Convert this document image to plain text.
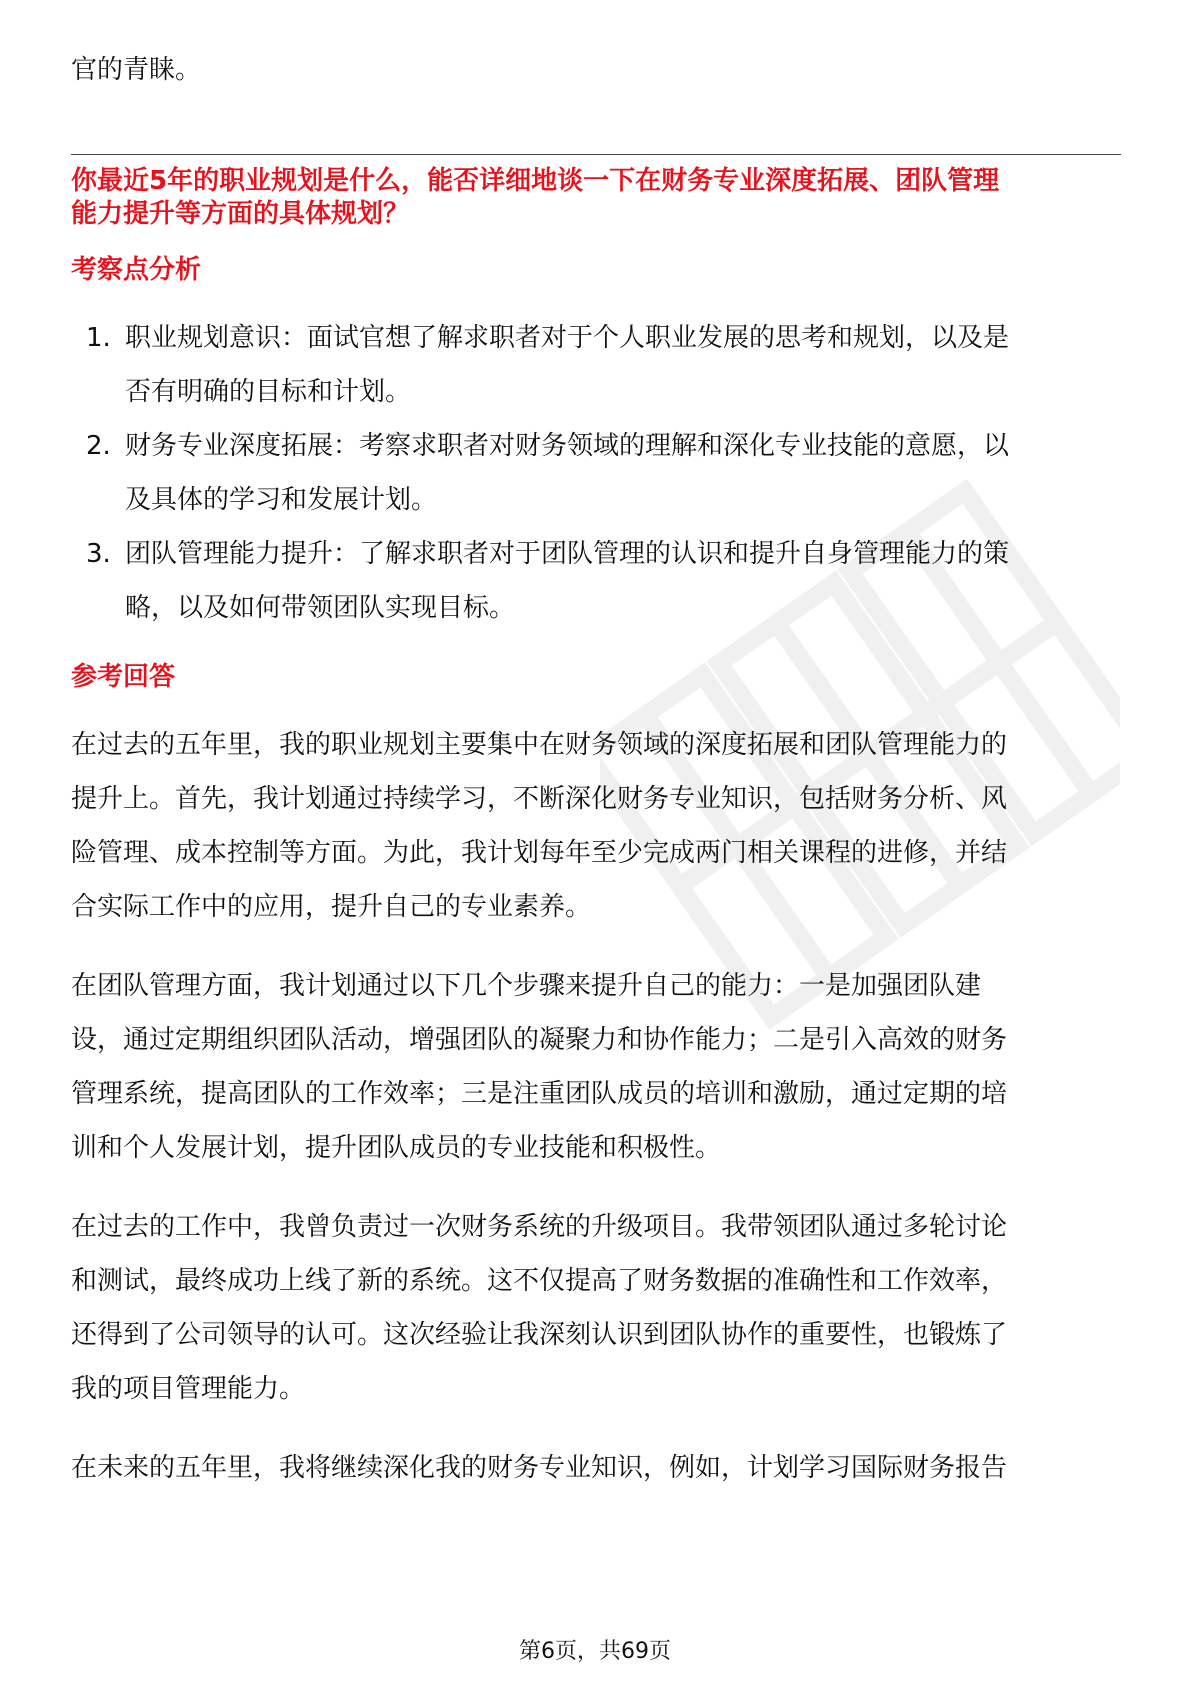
官的青睐。
你最近5年的职业规划是什么，能否详细地谈一下在财务专业深度拓展、团队管理
能力提升等方面的具体规划？
考察点分析
1. 职业规划意识：面试官想了解求职者对于个人职业发展的思考和规划，以及是
否有明确的目标和计划。
2. 财务专业深度拓展：考察求职者对财务领域的理解和深化专业技能的意愿，以
及具体的学习和发展计划。
3. 团队管理能力提升：了解求职者对于团队管理的认识和提升自身管理能力的策
略，以及如何带领团队实现目标。
参考回答
在过去的五年里，我的职业规划主要集中在财务领域的深度拓展和团队管理能力的
提升上。首先，我计划通过持续学习，不断深化财务专业知识，包括财务分析、风
险管理、成本控制等方面。为此，我计划每年至少完成两门相关课程的进修，并结
合实际工作中的应用，提升自己的专业素养。
在团队管理方面，我计划通过以下几个步骤来提升自己的能力：一是加强团队建
设，通过定期组织团队活动，增强团队的凝聚力和协作能力；二是引入高效的财务
管理系统，提高团队的工作效率；三是注重团队成员的培训和激励，通过定期的培
训和个人发展计划，提升团队成员的专业技能和积极性。
在过去的工作中，我曾负责过一次财务系统的升级项目。我带领团队通过多轮讨论
和测试，最终成功上线了新的系统。这不仅提高了财务数据的准确性和工作效率，
还得到了公司领导的认可。这次经验让我深刻认识到团队协作的重要性，也锻炼了
我的项目管理能力。
在未来的五年里，我将继续深化我的财务专业知识，例如，计划学习国际财务报告
第6页，共69页
